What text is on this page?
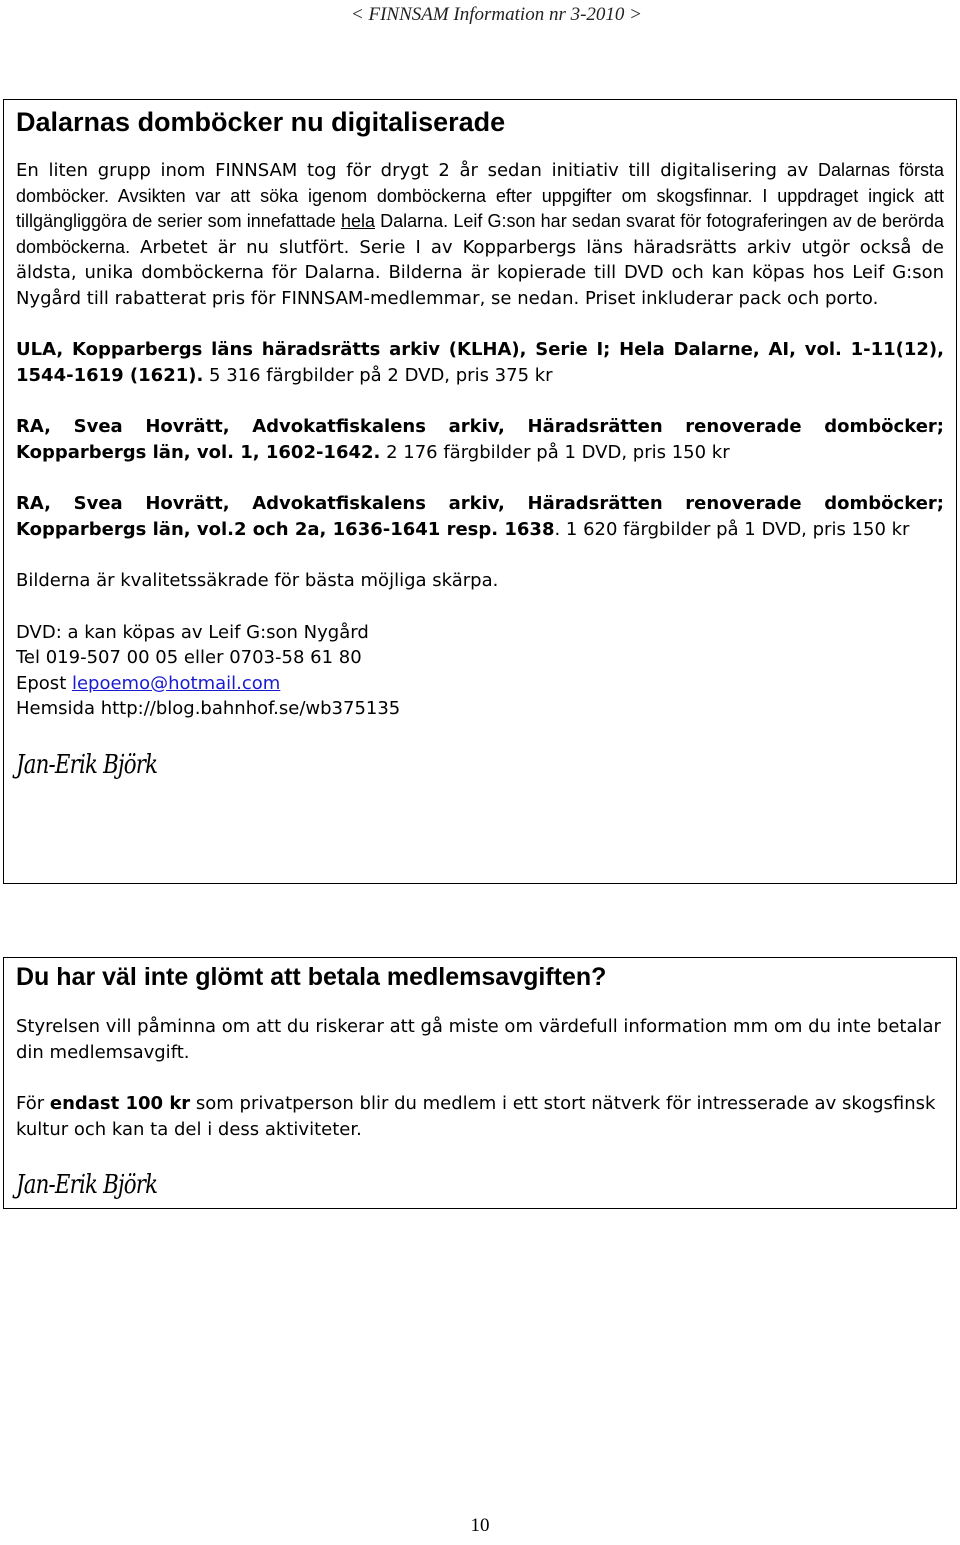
< FINNSAM Information nr 3-2010 >
Dalarnas domböcker nu digitaliserade

En liten grupp inom FINNSAM tog för drygt 2 år sedan initiativ till digitalisering av Dalarnas första domböcker. Avsikten var att söka igenom domböckerna efter uppgifter om skogsfinnar. I uppdraget ingick att tillgängliggöra de serier som innefattade hela Dalarna. Leif G:son har sedan svarat för fotograferingen av de berörda domböckerna. Arbetet är nu slutfört. Serie I av Kopparbergs läns häradsrätts arkiv utgör också de äldsta, unika domböckerna för Dalarna. Bilderna är kopierade till DVD och kan köpas hos Leif G:son Nygård till rabatterat pris för FINNSAM-medlemmar, se nedan. Priset inkluderar pack och porto.

ULA, Kopparbergs läns häradsrätts arkiv (KLHA), Serie I; Hela Dalarne, AI, vol. 1-11(12), 1544-1619 (1621). 5 316 färgbilder på 2 DVD, pris 375 kr

RA, Svea Hovrätt, Advokatfiskalens arkiv, Häradsrätten renoverade domböcker; Kopparbergs län, vol. 1, 1602-1642. 2 176 färgbilder på 1 DVD, pris 150 kr

RA, Svea Hovrätt, Advokatfiskalens arkiv, Häradsrätten renoverade domböcker; Kopparbergs län, vol.2 och 2a, 1636-1641 resp. 1638. 1 620 färgbilder på 1 DVD, pris 150 kr

Bilderna är kvalitetssäkrade för bästa möjliga skärpa.

DVD: a kan köpas av Leif G:son Nygård
Tel 019-507 00 05 eller 0703-58 61 80
Epost lepoemo@hotmail.com
Hemsida http://blog.bahnhof.se/wb375135
Jan-Erik Björk
Du har väl inte glömt att betala medlemsavgiften?

Styrelsen vill påminna om att du riskerar att gå miste om värdefull information mm om du inte betalar din medlemsavgift.

För endast 100 kr som privatperson blir du medlem i ett stort nätverk för intresserade av skogsfinsk kultur och kan ta del i dess aktiviteter.

Jan-Erik Björk
10
